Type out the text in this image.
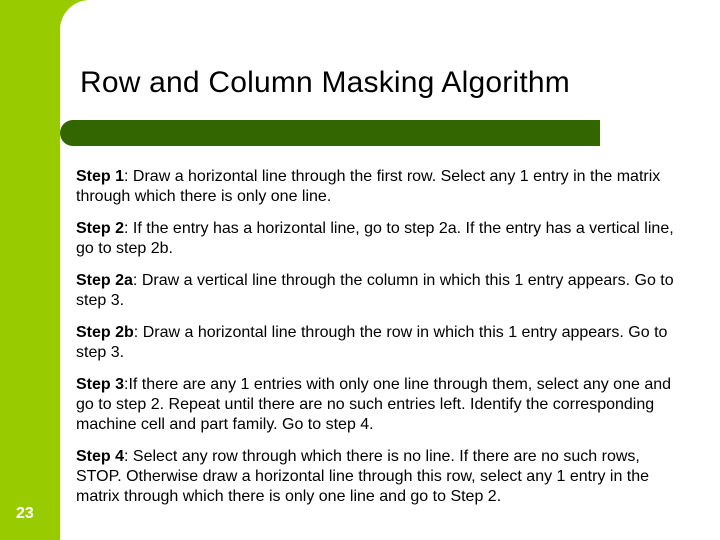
Row and Column Masking Algorithm
Step 1: Draw a horizontal line through the first row. Select any 1 entry in the matrix through which there is only one line.
Step 2: If the entry has a horizontal line, go to step 2a. If the entry has a vertical line, go to step 2b.
Step 2a: Draw a vertical line through the column in which this 1 entry appears. Go to step 3.
Step 2b: Draw a horizontal line through the row in which this 1 entry appears. Go to step 3.
Step 3:If there are any 1 entries with only one line through them, select any one and go to step 2. Repeat until there are no such entries left. Identify the corresponding machine cell and part family. Go to step 4.
Step 4: Select any row through which there is no line. If there are no such rows, STOP. Otherwise draw a horizontal line through this row, select any 1 entry in the matrix through which there is only one line and go to Step 2.
23
